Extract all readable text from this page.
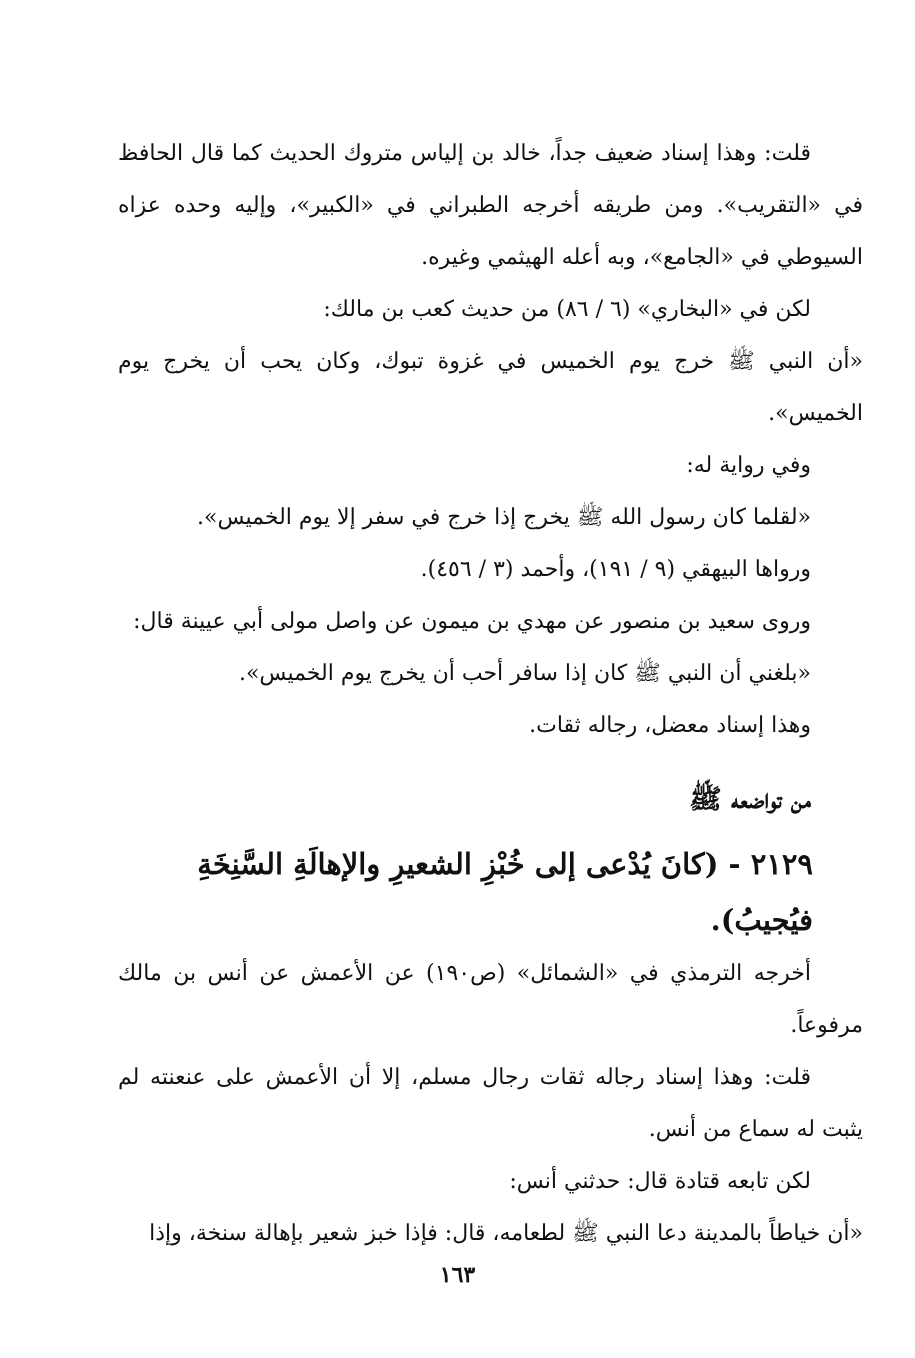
قلت: وهذا إسناد ضعيف جداً، خالد بن إلياس متروك الحديث كما قال الحافظ في «التقريب». ومن طريقه أخرجه الطبراني في «الكبير»، وإليه وحده عزاه السيوطي في «الجامع»، وبه أعله الهيثمي وغيره.

لكن في «البخاري» (٦ / ٨٦) من حديث كعب بن مالك:

«أن النبي ﷺ خرج يوم الخميس في غزوة تبوك، وكان يحب أن يخرج يوم الخميس».

وفي رواية له:

«لقلما كان رسول الله ﷺ يخرج إذا خرج في سفر إلا يوم الخميس».

ورواها البيهقي (٩ / ١٩١)، وأحمد (٣ / ٤٥٦).

وروى سعيد بن منصور عن مهدي بن ميمون عن واصل مولى أبي عيينة قال:

«بلغني أن النبي ﷺ كان إذا سافر أحب أن يخرج يوم الخميس».

وهذا إسناد معضل، رجاله ثقات.

من تواضعه ﷺ
٢١٢٩ - (كانَ يُدْعى إلى خُبْزِ الشعيرِ والإهالَةِ السَّنِخَةِ فيُجيبُ).

أخرجه الترمذي في «الشمائل» (ص١٩٠) عن الأعمش عن أنس بن مالك مرفوعاً.

قلت: وهذا إسناد رجاله ثقات رجال مسلم، إلا أن الأعمش على عنعنته لم يثبت له سماع من أنس.

لكن تابعه قتادة قال: حدثني أنس:

«أن خياطاً بالمدينة دعا النبي ﷺ لطعامه، قال: فإذا خبز شعير بإهالة سنخة، وإذا

١٦٣
